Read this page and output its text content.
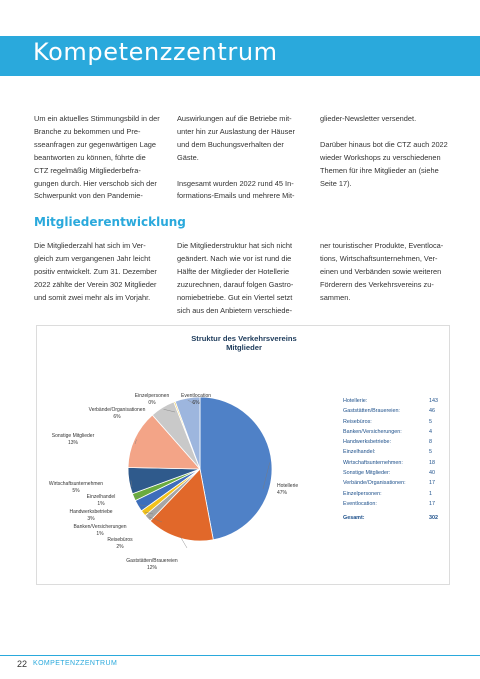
Kompetenzzentrum

Um ein aktuelles Stimmungsbild in der Branche zu bekommen und Presseanfragen zur gegenwärtigen Lage beantworten zu können, führte die CTZ regelmäßig Mitgliederbefragungen durch. Hier verschob sich der Schwerpunkt von den Pandemie-

Auswirkungen auf die Betriebe mitunter hin zur Auslastung der Häuser und dem Buchungsverhalten der Gäste.

Insgesamt wurden 2022 rund 45 Informations-Emails und mehrere Mit-

glieder-Newsletter versendet.

Darüber hinaus bot die CTZ auch 2022 wieder Workshops zu verschiedenen Themen für ihre Mitglieder an (siehe Seite 17).

Mitgliederentwicklung

Die Mitgliederzahl hat sich im Vergleich zum vergangenen Jahr leicht positiv entwickelt. Zum 31. Dezember 2022 zählte der Verein 302 Mitglieder und somit zwei mehr als im Vorjahr.

Die Mitgliederstruktur hat sich nicht geändert. Nach wie vor ist rund die Hälfte der Mitglieder der Hotellerie zuzurechnen, darauf folgen Gastronomiebetriebe. Gut ein Viertel setzt sich aus den Anbietern verschiede-

ner touristischer Produkte, Eventlocations, Wirtschaftsunternehmen, Vereinen und Verbänden sowie weiteren Förderern des Verkehrsvereins zusammen.

Struktur des Verkehrsvereins
Mitglieder
Hotellerie
47%
Gaststätten/Brauereien
12%
Reisebüros
2%
Banken/Versicherungen
1%
Handwerksbetriebe
3%
Einzelhandel
1%
Wirtschaftsunternehmen
5%
Sonstige Mitglieder
13%
Verbände/Organisationen
6%
Einzelpersonen
0%
Eventlocation
6%	Hotellerie:	143
Gaststätten/Brauereien:	46
Reisebüros:	5
Banken/Versicherungen:	4
Handwerksbetriebe:	8
Einzelhandel:	5
Wirtschaftsunternehmen:	18
Sonstige Mitglieder:	40
Verbände/Organisationen:	17
Einzelpersonen:	1
Eventlocation:	17
Gesamt:	302
22 KOMPETENZZENTRUM
